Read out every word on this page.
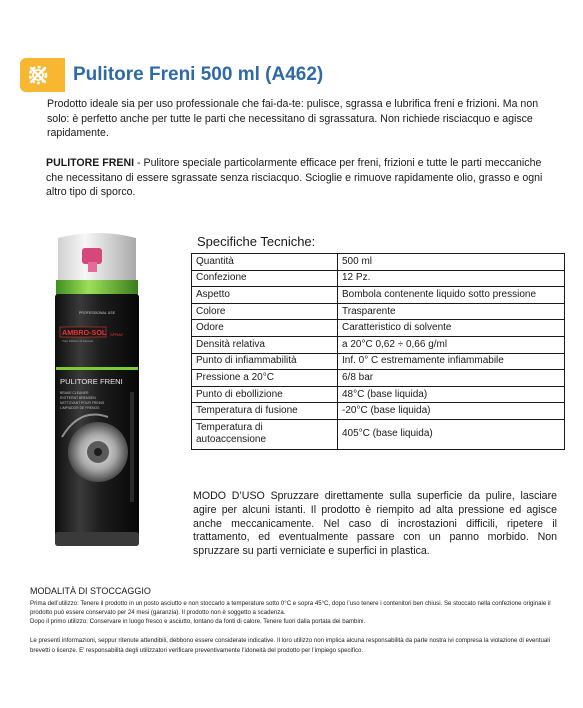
Pulitore Freni 500 ml (A462)
Prodotto ideale sia per uso professionale che fai-da-te: pulisce, sgrassa e lubrifica freni e frizioni. Ma non solo: è perfetto anche per tutte le parti che necessitano di sgrassatura. Non richiede risciacquo e agisce rapidamente.
PULITORE FRENI - Pulitore speciale particolarmente efficace per freni, frizioni e tutte le parti meccaniche che necessitano di essere sgrassate senza risciacquo. Scioglie e rimuove rapidamente olio, grasso e ogni altro tipo di sporco.
PROFESSIONAL USE
AMBRO-SOL SPRAY
Your Partner of Aerosol
PULITORE FRENI
BRAKE CLEANER
ENTFERNT BREMSEN
NETTOYANT POUR FREINS
LIMPIADOR DE FRENOS
Specifiche Tecniche:
Quantità	500 ml
Confezione	12 Pz.
Aspetto	Bombola contenente liquido sotto pressione
Colore	Trasparente
Odore	Caratteristico di solvente
Densità relativa	a 20°C 0,62 ÷ 0,66 g/ml
Punto di infiammabilità	Inf. 0° C estremamente infiammabile
Pressione a 20°C	6/8 bar
Punto di ebollizione	48°C (base liquida)
Temperatura di fusione	-20°C (base liquida)
Temperatura di autoaccensione	405°C (base liquida)
MODO D’USO Spruzzare direttamente sulla superficie da pulire, lasciare agire per alcuni istanti. Il prodotto è riempito ad alta pressione ed agisce anche meccanicamente. Nel caso di incrostazioni difficili, ripetere il trattamento, ed eventualmente passare con un panno morbido. Non spruzzare su parti verniciate e superfici in plastica.
MODALITÀ DI STOCCAGGIO
Prima dell’utilizzo: Tenere il prodotto in un posto asciutto e non stoccarlo a temperature sotto 0°C e sopra 45°C, dopo l’uso tenere i contenitori ben chiusi. Se stoccato nella confezione originale il prodotto può essere conservato per 24 mesi (garanzia). Il prodotto non è soggetto a scadenza.
Dopo il primo utilizzo: Conservare in luogo fresco e asciutto, lontano da fonti di calore. Tenere fuori dalla portata dei bambini.
Le presenti informazioni, seppur ritenute attendibili, debbono essere considerate indicative. Il loro utilizzo non implica alcuna responsabilità da parte nostra ivi compresa la violazione di eventuali brevetti o licenze. E’ responsabilità degli utilizzatori verificare preventivamente l’idoneità del prodotto per l’impiego specifico.
